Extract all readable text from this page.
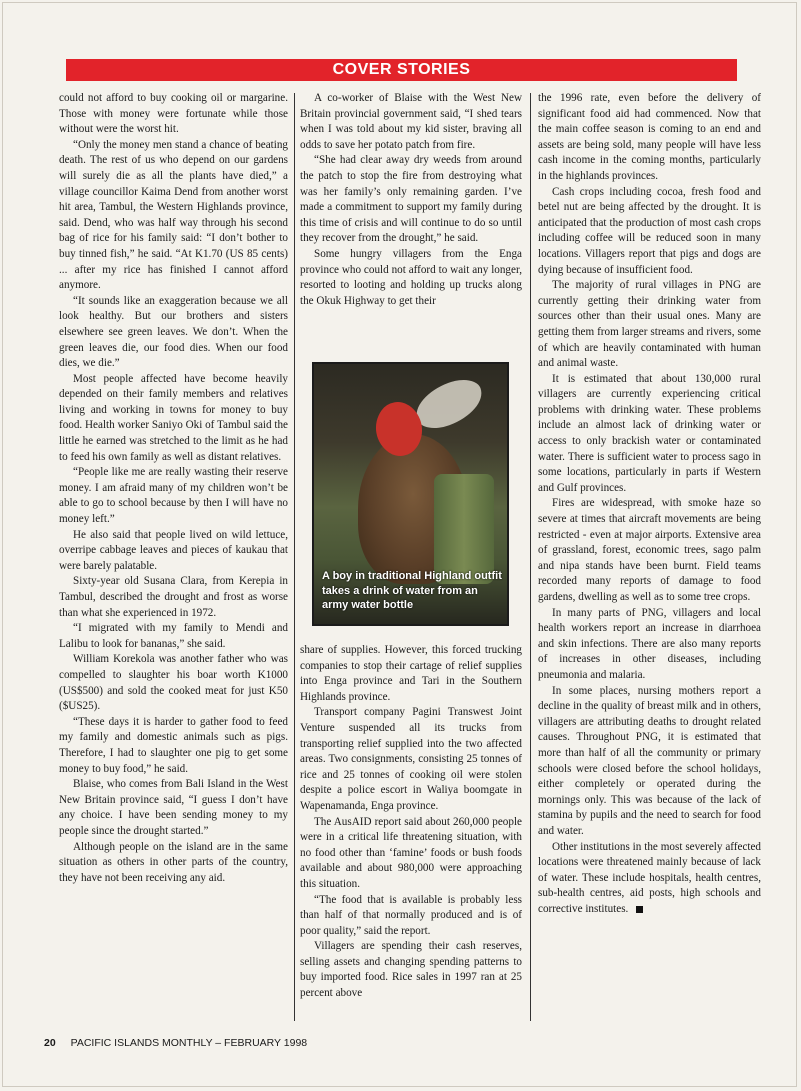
COVER STORIES

could not afford to buy cooking oil or margarine. Those with money were fortunate while those without were the worst hit.

“Only the money men stand a chance of beating death. The rest of us who depend on our gardens will surely die as all the plants have died,” a village councillor Kaima Dend from another worst hit area, Tambul, the Western Highlands province, said. Dend, who was half way through his second bag of rice for his family said: “I don’t bother to buy tinned fish,” he said. “At K1.70 (US 85 cents) ... after my rice has finished I cannot afford anymore.

“It sounds like an exaggeration because we all look healthy. But our brothers and sisters elsewhere see green leaves. We don’t. When the green leaves die, our food dies. When our food dies, we die.”

Most people affected have become heavily depended on their family members and relatives living and working in towns for money to buy food. Health worker Saniyo Oki of Tambul said the little he earned was stretched to the limit as he had to feed his own family as well as distant relatives.

“People like me are really wasting their reserve money. I am afraid many of my children won’t be able to go to school because by then I will have no money left.”

He also said that people lived on wild lettuce, overripe cabbage leaves and pieces of kaukau that were barely palatable.

Sixty-year old Susana Clara, from Kerepia in Tambul, described the drought and frost as worse than what she experienced in 1972.

“I migrated with my family to Mendi and Lalibu to look for bananas,” she said.

William Korekola was another father who was compelled to slaughter his boar worth K1000 (US$500) and sold the cooked meat for just K50 ($US25).

“These days it is harder to gather food to feed my family and domestic animals such as pigs. Therefore, I had to slaughter one pig to get some money to buy food,” he said.

Blaise, who comes from Bali Island in the West New Britain province said, “I guess I don’t have any choice. I have been sending money to my people since the drought started.”

Although people on the island are in the same situation as others in other parts of the country, they have not been receiving any aid.

A co-worker of Blaise with the West New Britain provincial government said, “I shed tears when I was told about my kid sister, braving all odds to save her potato patch from fire.

“She had clear away dry weeds from around the patch to stop the fire from destroying what was her family’s only remaining garden. I’ve made a commitment to support my family during this time of crisis and will continue to do so until they recover from the drought,” he said.

Some hungry villagers from the Enga province who could not afford to wait any longer, resorted to looting and holding up trucks along the Okuk Highway to get their

A boy in traditional Highland outfit takes a drink of water from an army water bottle

share of supplies. However, this forced trucking companies to stop their cartage of relief supplies into Enga province and Tari in the Southern Highlands province.

Transport company Pagini Transwest Joint Venture suspended all its trucks from transporting relief supplied into the two affected areas. Two consignments, consisting 25 tonnes of rice and 25 tonnes of cooking oil were stolen despite a police escort in Waliya boomgate in Wapenamanda, Enga province.

The AusAID report said about 260,000 people were in a critical life threatening situation, with no food other than ‘famine’ foods or bush foods available and about 980,000 were approaching this situation.

“The food that is available is probably less than half of that normally produced and is of poor quality,” said the report.

Villagers are spending their cash reserves, selling assets and changing spending patterns to buy imported food. Rice sales in 1997 ran at 25 percent above

the 1996 rate, even before the delivery of significant food aid had commenced. Now that the main coffee season is coming to an end and assets are being sold, many people will have less cash income in the coming months, particularly in the highlands provinces.

Cash crops including cocoa, fresh food and betel nut are being affected by the drought. It is anticipated that the production of most cash crops including coffee will be reduced soon in many locations. Villagers report that pigs and dogs are dying because of insufficient food.

The majority of rural villages in PNG are currently getting their drinking water from sources other than their usual ones. Many are getting them from larger streams and rivers, some of which are heavily contaminated with human and animal waste.

It is estimated that about 130,000 rural villagers are currently experiencing critical problems with drinking water. These problems include an almost lack of drinking water or access to only brackish water or contaminated water. There is sufficient water to process sago in some locations, particularly in parts if Western and Gulf provinces.

Fires are widespread, with smoke haze so severe at times that aircraft movements are being restricted - even at major airports. Extensive area of grassland, forest, economic trees, sago palm and nipa stands have been burnt. Field teams recorded many reports of damage to food gardens, dwelling as well as to some tree crops.

In many parts of PNG, villagers and local health workers report an increase in diarrhoea and skin infections. There are also many reports of increases in other diseases, including pneumonia and malaria.

In some places, nursing mothers report a decline in the quality of breast milk and in others, villagers are attributing deaths to drought related causes. Throughout PNG, it is estimated that more than half of all the community or primary schools were closed before the school holidays, either completely or operated during the mornings only. This was because of the lack of stamina by pupils and the need to search for food and water.

Other institutions in the most severely affected locations were threatened mainly because of lack of water. These include hospitals, health centres, sub-health centres, aid posts, high schools and corrective institutes.

20 PACIFIC ISLANDS MONTHLY – FEBRUARY 1998
